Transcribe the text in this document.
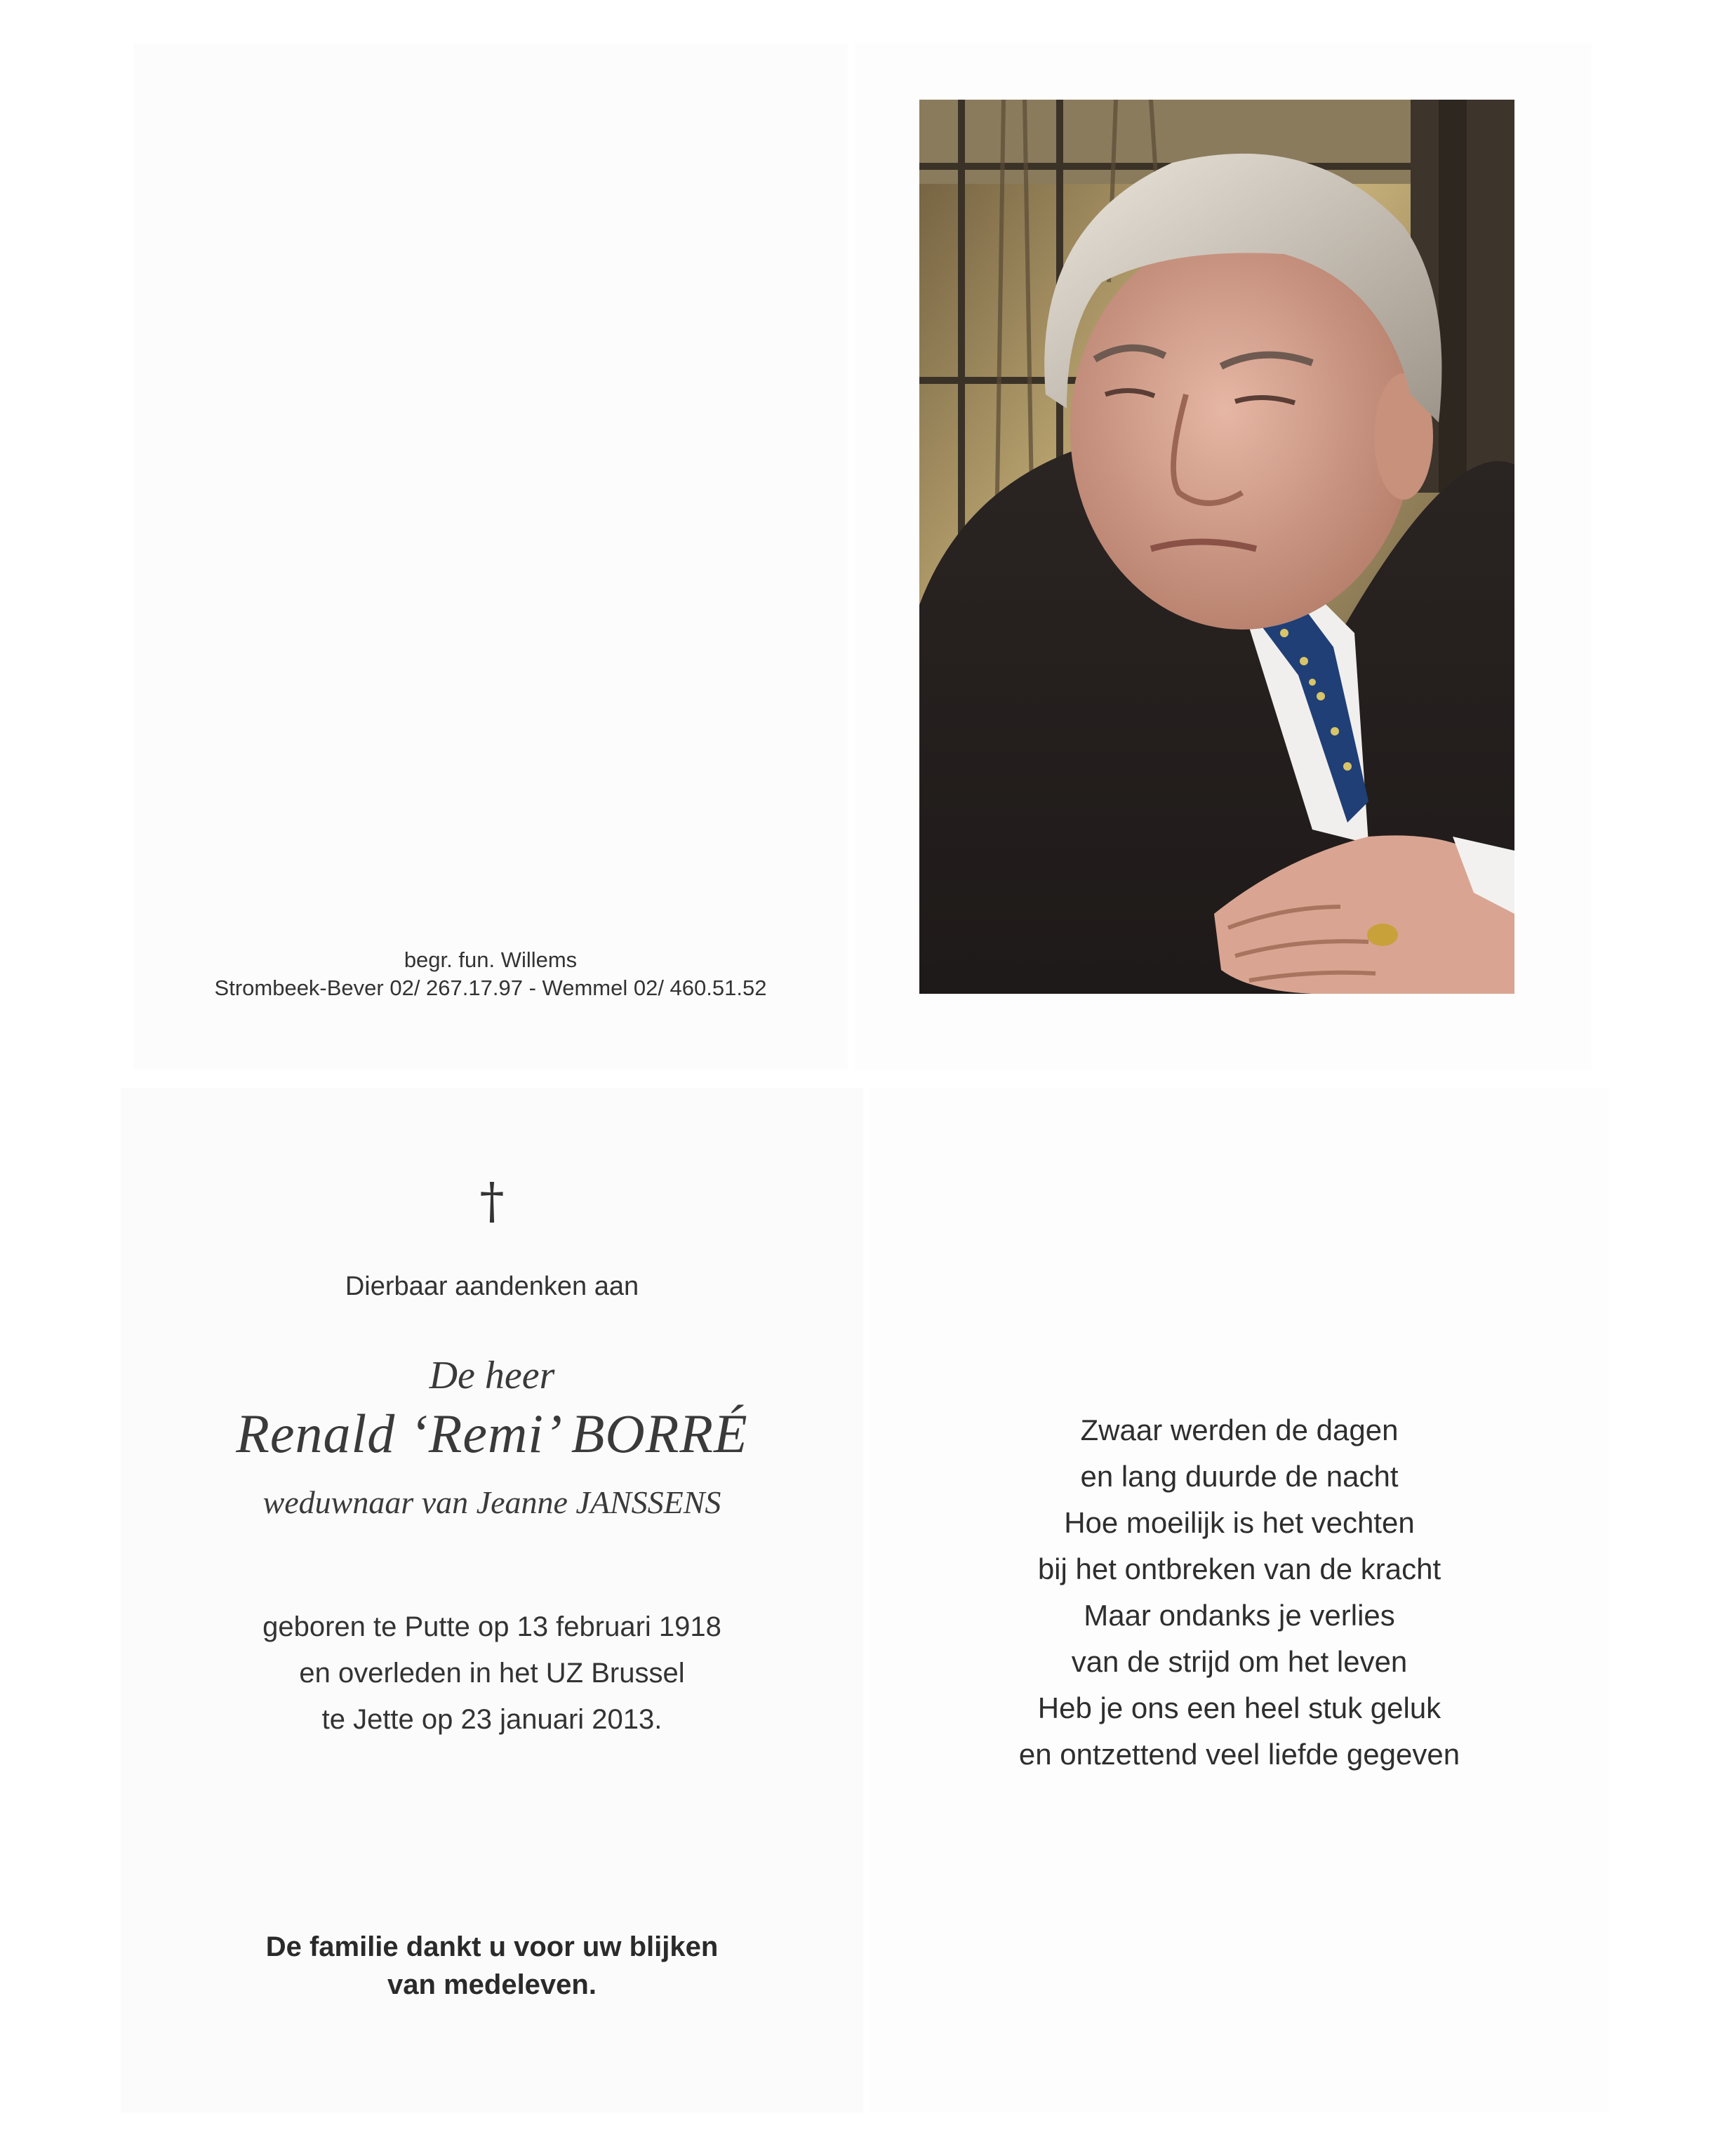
begr. fun. Willems
Strombeek-Bever 02/ 267.17.97 - Wemmel 02/ 460.51.52
†
Dierbaar aandenken aan
De heer
Renald ‘Remi’ BORRÉ
weduwnaar van Jeanne JANSSENS
geboren te Putte op 13 februari 1918
en overleden in het UZ Brussel
te Jette op 23 januari 2013.
De familie dankt u voor uw blijken
van medeleven.
Zwaar werden de dagen
en lang duurde de nacht
Hoe moeilijk is het vechten
bij het ontbreken van de kracht
Maar ondanks je verlies
van de strijd om het leven
Heb je ons een heel stuk geluk
en ontzettend veel liefde gegeven
